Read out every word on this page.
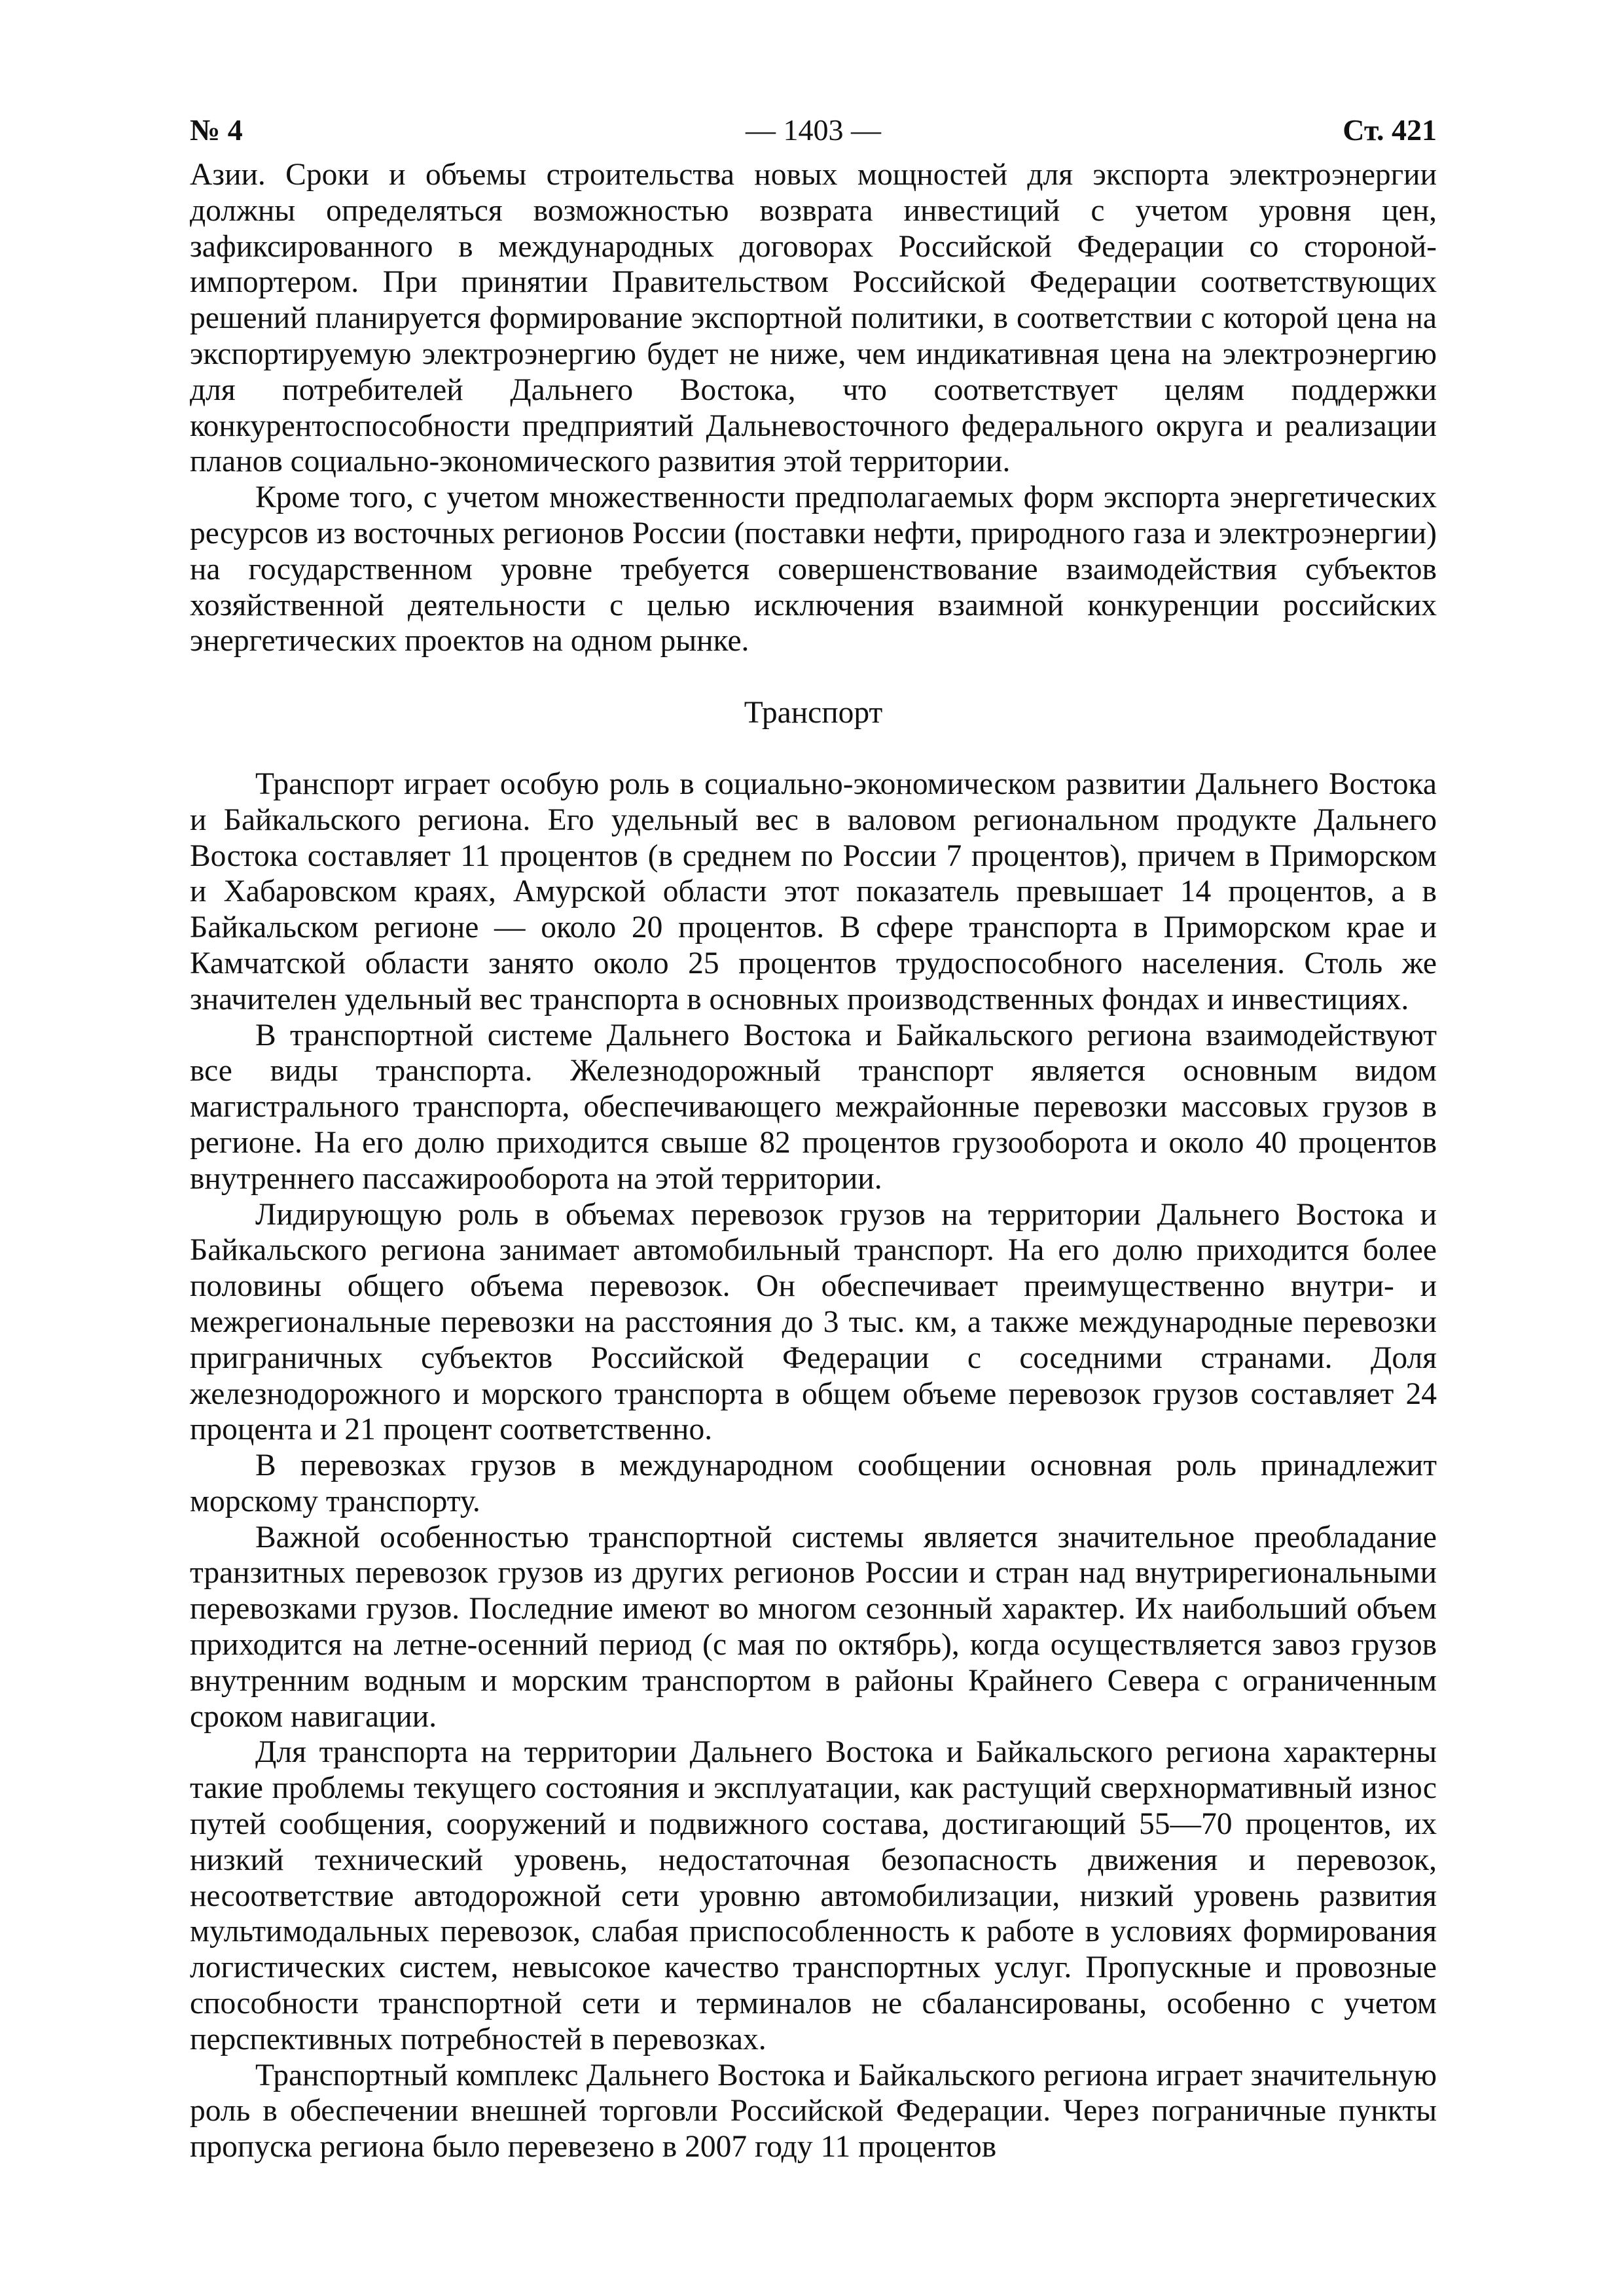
№ 4	— 1403 —	Ст. 421

Азии. Сроки и объемы строительства новых мощностей для экспорта электроэнергии должны определяться возможностью возврата инвестиций с учетом уровня цен, зафиксированного в международных договорах Российской Федерации со стороной-импортером. При принятии Правительством Российской Федерации соответствующих решений планируется формирование экспортной политики, в соответствии с которой цена на экспортируемую электроэнергию будет не ниже, чем индикативная цена на электроэнергию для потребителей Дальнего Востока, что соответствует целям поддержки конкурентоспособности предприятий Дальневосточного федерального округа и реализации планов социально-экономического развития этой территории.

Кроме того, с учетом множественности предполагаемых форм экспорта энергетических ресурсов из восточных регионов России (поставки нефти, природного газа и электроэнергии) на государственном уровне требуется совершенствование взаимодействия субъектов хозяйственной деятельности с целью исключения взаимной конкуренции российских энергетических проектов на одном рынке.

Транспорт

Транспорт играет особую роль в социально-экономическом развитии Дальнего Востока и Байкальского региона. Его удельный вес в валовом региональном продукте Дальнего Востока составляет 11 процентов (в среднем по России 7 процентов), причем в Приморском и Хабаровском краях, Амурской области этот показатель превышает 14 процентов, а в Байкальском регионе — около 20 процентов. В сфере транспорта в Приморском крае и Камчатской области занято около 25 процентов трудоспособного населения. Столь же значителен удельный вес транспорта в основных производственных фондах и инвестициях.

В транспортной системе Дальнего Востока и Байкальского региона взаимодействуют все виды транспорта. Железнодорожный транспорт является основным видом магистрального транспорта, обеспечивающего межрайонные перевозки массовых грузов в регионе. На его долю приходится свыше 82 процентов грузооборота и около 40 процентов внутреннего пассажирооборота на этой территории.

Лидирующую роль в объемах перевозок грузов на территории Дальнего Востока и Байкальского региона занимает автомобильный транспорт. На его долю приходится более половины общего объема перевозок. Он обеспечивает преимущественно внутри- и межрегиональные перевозки на расстояния до 3 тыс. км, а также международные перевозки приграничных субъектов Российской Федерации с соседними странами. Доля железнодорожного и морского транспорта в общем объеме перевозок грузов составляет 24 процента и 21 процент соответственно.

В перевозках грузов в международном сообщении основная роль принадлежит морскому транспорту.

Важной особенностью транспортной системы является значительное преобладание транзитных перевозок грузов из других регионов России и стран над внутрирегиональными перевозками грузов. Последние имеют во многом сезонный характер. Их наибольший объем приходится на летне-осенний период (с мая по октябрь), когда осуществляется завоз грузов внутренним водным и морским транспортом в районы Крайнего Севера с ограниченным сроком навигации.

Для транспорта на территории Дальнего Востока и Байкальского региона характерны такие проблемы текущего состояния и эксплуатации, как растущий сверхнормативный износ путей сообщения, сооружений и подвижного состава, достигающий 55—70 процентов, их низкий технический уровень, недостаточная безопасность движения и перевозок, несоответствие автодорожной сети уровню автомобилизации, низкий уровень развития мультимодальных перевозок, слабая приспособленность к работе в условиях формирования логистических систем, невысокое качество транспортных услуг. Пропускные и провозные способности транспортной сети и терминалов не сбалансированы, особенно с учетом перспективных потребностей в перевозках.

Транспортный комплекс Дальнего Востока и Байкальского региона играет значительную роль в обеспечении внешней торговли Российской Федерации. Через пограничные пункты пропуска региона было перевезено в 2007 году 11 процентов
